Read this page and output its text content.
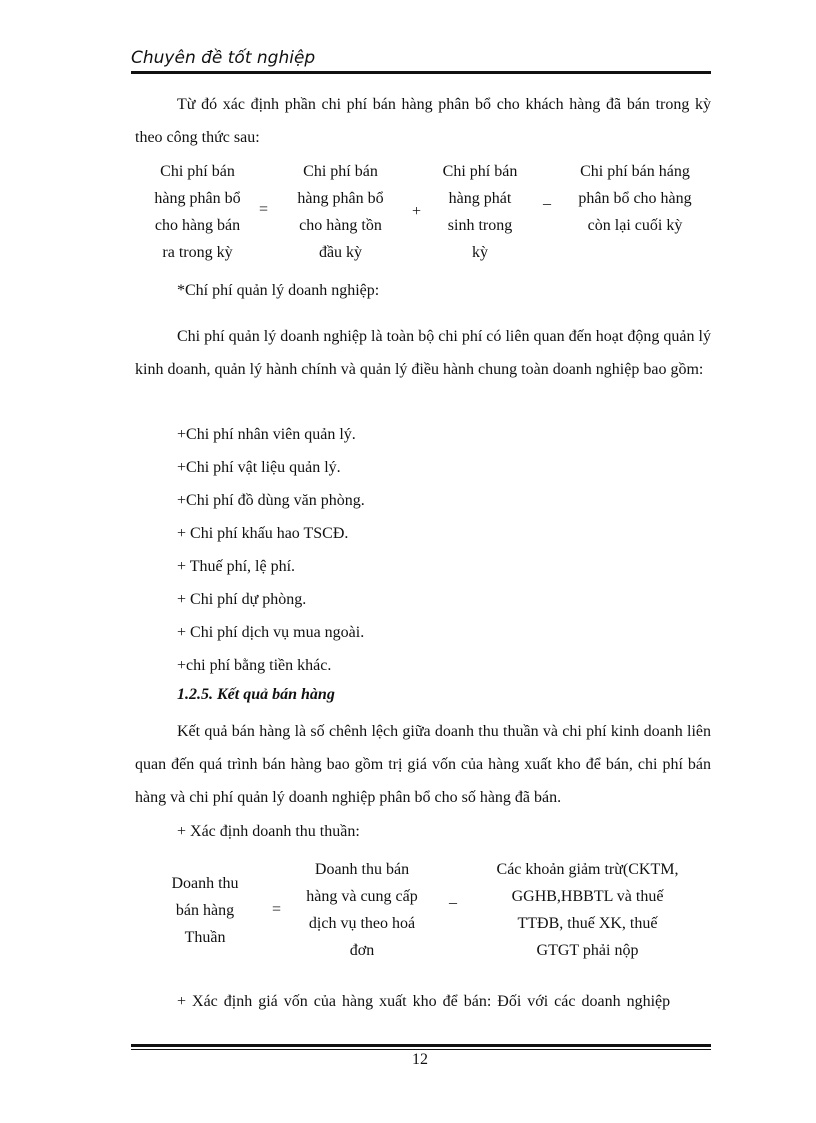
Chuyên đề tốt nghiệp

Từ đó xác định phần chi phí bán hàng phân bổ cho khách hàng đã bán trong kỳ theo công thức sau:

Chi phí bán
hàng phân bổ
cho hàng bán
ra trong kỳ
=
Chi phí bán
hàng phân bổ
cho hàng tồn
đầu kỳ
+
Chi phí bán
hàng phát
sinh trong
kỳ
_
Chi phí bán háng
phân bổ cho hàng
còn lại cuối kỳ

*Chí phí quản lý doanh nghiệp:

Chi phí quản lý doanh nghiệp là toàn bộ chi phí có liên quan đến hoạt động quản lý kinh doanh, quản lý hành chính và quản lý điều hành chung toàn doanh nghiệp bao gồm:

+Chi phí nhân viên quản lý.

+Chi phí vật liệu quản lý.

+Chi phí đồ dùng văn phòng.

+ Chi phí khấu hao TSCĐ.

+ Thuế phí, lệ phí.

+ Chi phí dự phòng.

+ Chi phí dịch vụ mua ngoài.

+chi phí bằng tiền khác.

1.2.5. Kết quả bán hàng

Kết quả bán hàng là số chênh lệch giữa doanh thu thuần và chi phí kinh doanh liên quan đến quá trình bán hàng bao gồm trị giá vốn của hàng xuất kho để bán, chi phí bán hàng và chi phí quản lý doanh nghiệp phân bổ cho số hàng đã bán.

+ Xác định doanh thu thuần:

Doanh thu
bán hàng
Thuần
=
Doanh thu bán
hàng và cung cấp
dịch vụ theo hoá
đơn
_
Các khoản giảm trừ(CKTM,
GGHB,HBBTL và thuế
TTĐB, thuế XK, thuế
GTGT phải nộp

+ Xác định giá vốn của hàng xuất kho để bán: Đối với các doanh nghiệp

12
